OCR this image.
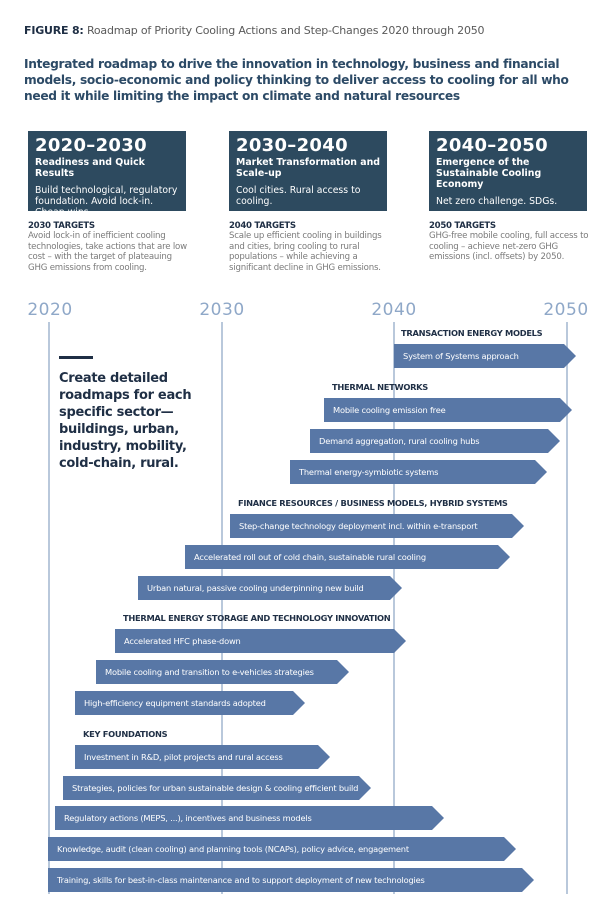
FIGURE 8: Roadmap of Priority Cooling Actions and Step-Changes 2020 through 2050
Integrated roadmap to drive the innovation in technology, business and financial models, socio-economic and policy thinking to deliver access to cooling for all who need it while limiting the impact on climate and natural resources
2020–2030
Readiness and Quick Results
Build technological, regulatory foundation. Avoid lock-in. Cheap wins.
2030–2040
Market Transformation and Scale-up
Cool cities. Rural access to cooling.
2040–2050
Emergence of the Sustainable Cooling Economy
Net zero challenge. SDGs.
2030 TARGETS
Avoid lock-in of inefficient cooling technologies, take actions that are low cost – with the target of plateauing GHG emissions from cooling.
2040 TARGETS
Scale up efficient cooling in buildings and cities, bring cooling to rural populations – while achieving a significant decline in GHG emissions.
2050 TARGETS
GHG-free mobile cooling, full access to cooling – achieve net-zero GHG emissions (incl. offsets) by 2050.
2020	2030	2040	2050
Create detailed roadmaps for each specific sector—buildings, urban, industry, mobility, cold-chain, rural.
TRANSACTION ENERGY MODELS
System of Systems approach
THERMAL NETWORKS
Mobile cooling emission free
Demand aggregation, rural cooling hubs
Thermal energy-symbiotic systems
FINANCE RESOURCES / BUSINESS MODELS, HYBRID SYSTEMS
Step-change technology deployment incl. within e-transport
Accelerated roll out of cold chain, sustainable rural cooling
Urban natural, passive cooling underpinning new build
THERMAL ENERGY STORAGE AND TECHNOLOGY INNOVATION
Accelerated HFC phase-down
Mobile cooling and transition to e-vehicles strategies
High-efficiency equipment standards adopted
KEY FOUNDATIONS
Investment in R&D, pilot projects and rural access
Strategies, policies for urban sustainable design & cooling efficient buildings
Regulatory actions (MEPS, ...), incentives and business models
Knowledge, audit (clean cooling) and planning tools (NCAPs), policy advice, engagement
Training, skills for best-in-class maintenance and to support deployment of new technologies
